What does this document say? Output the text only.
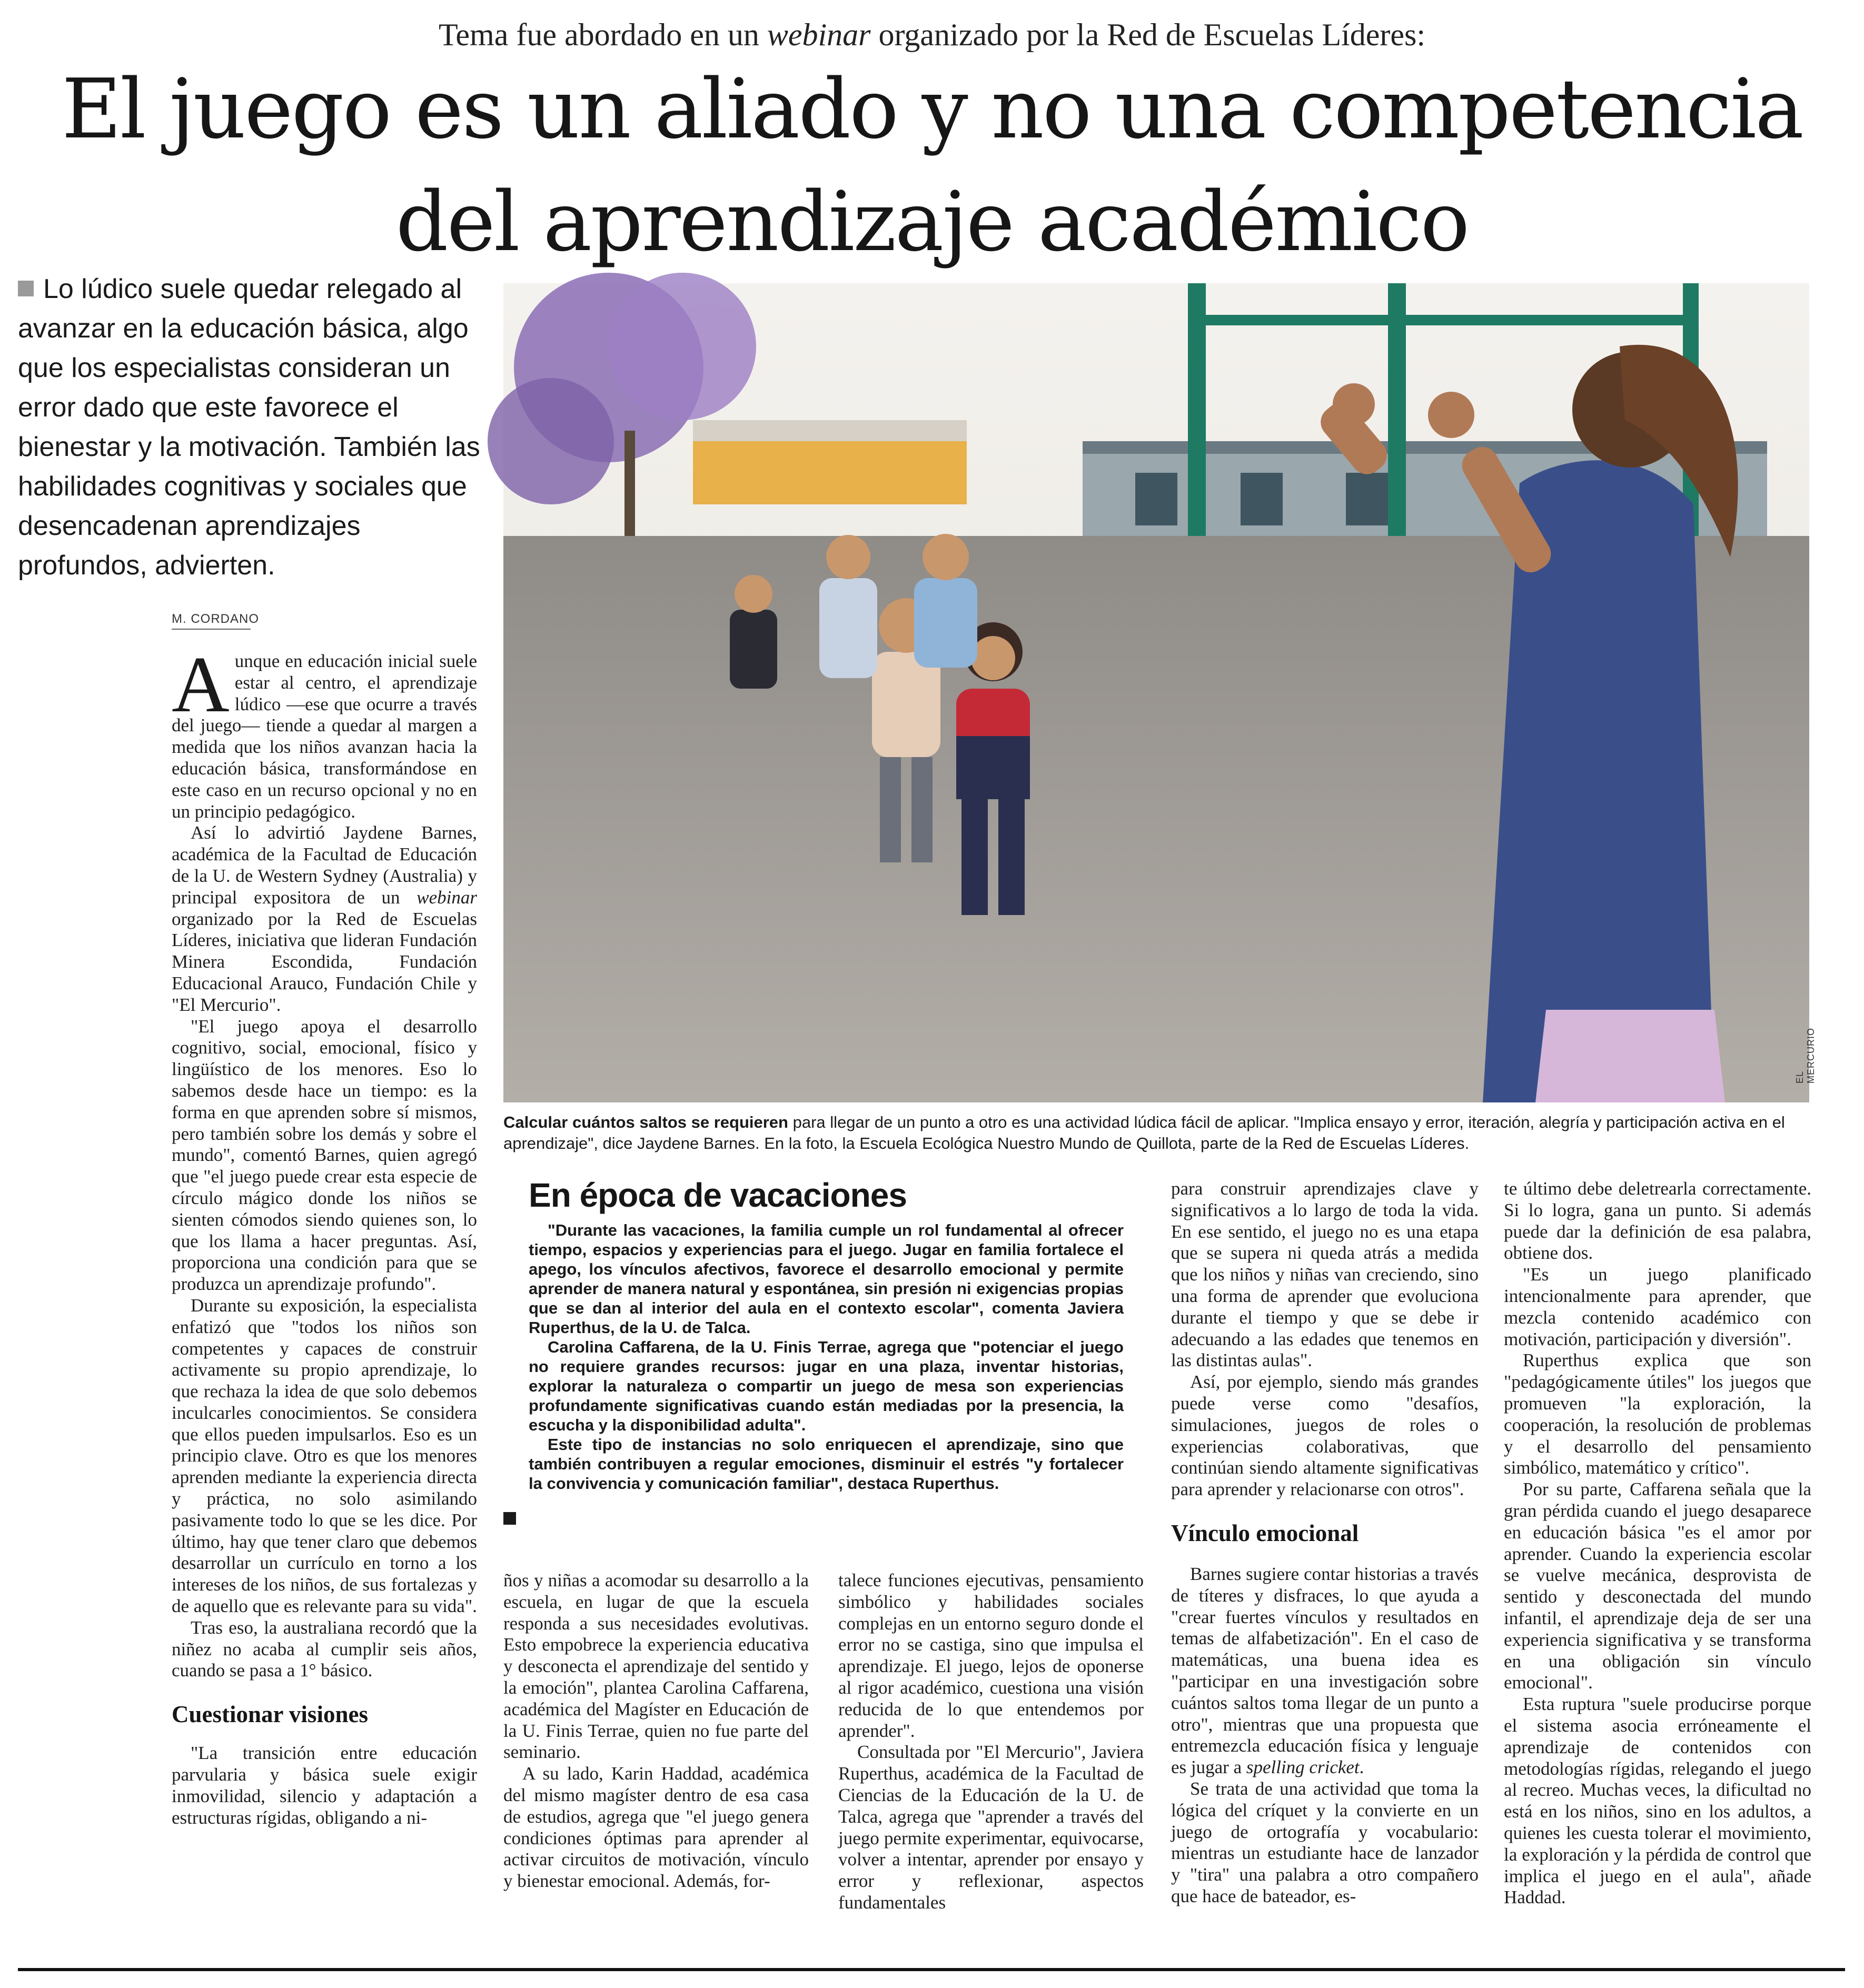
Tema fue abordado en un webinar organizado por la Red de Escuelas Líderes:
El juego es un aliado y no una competencia
del aprendizaje académico
Lo lúdico suele quedar relegado al avanzar en la educación básica, algo que los especialistas consideran un error dado que este favorece el bienestar y la motivación. También las habilidades cognitivas y sociales que desencadenan aprendizajes profundos, advierten.
M. CORDANO
EL MERCURIO
Calcular cuántos saltos se requieren para llegar de un punto a otro es una actividad lúdica fácil de aplicar. "Implica ensayo y error, iteración, alegría y participación activa en el aprendizaje", dice Jaydene Barnes. En la foto, la Escuela Ecológica Nuestro Mundo de Quillota, parte de la Red de Escuelas Líderes.

Aunque en educación inicial suele estar al centro, el aprendizaje lúdico —ese que ocurre a través del juego— tiende a quedar al margen a medida que los niños avanzan hacia la educación básica, transformándose en este caso en un recurso opcional y no en un principio pedagógico.

Así lo advirtió Jaydene Barnes, académica de la Facultad de Educación de la U. de Western Sydney (Australia) y principal expositora de un webinar organizado por la Red de Escuelas Líderes, iniciativa que lideran Fundación Minera Escondida, Fundación Educacional Arauco, Fundación Chile y "El Mercurio".

"El juego apoya el desarrollo cognitivo, social, emocional, físico y lingüístico de los menores. Eso lo sabemos desde hace un tiempo: es la forma en que aprenden sobre sí mismos, pero también sobre los demás y sobre el mundo", comentó Barnes, quien agregó que "el juego puede crear esta especie de círculo mágico donde los niños se sienten cómodos siendo quienes son, lo que los llama a hacer preguntas. Así, proporciona una condición para que se produzca un aprendizaje profundo".

Durante su exposición, la especialista enfatizó que "todos los niños son competentes y capaces de construir activamente su propio aprendizaje, lo que rechaza la idea de que solo debemos inculcarles conocimientos. Se considera que ellos pueden impulsarlos. Eso es un principio clave. Otro es que los menores aprenden mediante la experiencia directa y práctica, no solo asimilando pasivamente todo lo que se les dice. Por último, hay que tener claro que debemos desarrollar un currículo en torno a los intereses de los niños, de sus fortalezas y de aquello que es relevante para su vida".

Tras eso, la australiana recordó que la niñez no acaba al cumplir seis años, cuando se pasa a 1° básico.

Cuestionar visiones

"La transición entre educación parvularia y básica suele exigir inmovilidad, silencio y adaptación a estructuras rígidas, obligando a ni-

En época de vacaciones

"Durante las vacaciones, la familia cumple un rol fundamental al ofrecer tiempo, espacios y experiencias para el juego. Jugar en familia fortalece el apego, los vínculos afectivos, favorece el desarrollo emocional y permite aprender de manera natural y espontánea, sin presión ni exigencias propias que se dan al interior del aula en el contexto escolar", comenta Javiera Ruperthus, de la U. de Talca.

Carolina Caffarena, de la U. Finis Terrae, agrega que "potenciar el juego no requiere grandes recursos: jugar en una plaza, inventar historias, explorar la naturaleza o compartir un juego de mesa son experiencias profundamente significativas cuando están mediadas por la presencia, la escucha y la disponibilidad adulta".

Este tipo de instancias no solo enriquecen el aprendizaje, sino que también contribuyen a regular emociones, disminuir el estrés "y fortalecer la convivencia y comunicación familiar", destaca Ruperthus.

ños y niñas a acomodar su desarrollo a la escuela, en lugar de que la escuela responda a sus necesidades evolutivas. Esto empobrece la experiencia educativa y desconecta el aprendizaje del sentido y la emoción", plantea Carolina Caffarena, académica del Magíster en Educación de la U. Finis Terrae, quien no fue parte del seminario.

A su lado, Karin Haddad, académica del mismo magíster dentro de esa casa de estudios, agrega que "el juego genera condiciones óptimas para aprender al activar circuitos de motivación, vínculo y bienestar emocional. Además, for-

talece funciones ejecutivas, pensamiento simbólico y habilidades sociales complejas en un entorno seguro donde el error no se castiga, sino que impulsa el aprendizaje. El juego, lejos de oponerse al rigor académico, cuestiona una visión reducida de lo que entendemos por aprender".

Consultada por "El Mercurio", Javiera Ruperthus, académica de la Facultad de Ciencias de la Educación de la U. de Talca, agrega que "aprender a través del juego permite experimentar, equivocarse, volver a intentar, aprender por ensayo y error y reflexionar, aspectos fundamentales

para construir aprendizajes clave y significativos a lo largo de toda la vida. En ese sentido, el juego no es una etapa que se supera ni queda atrás a medida que los niños y niñas van creciendo, sino una forma de aprender que evoluciona durante el tiempo y que se debe ir adecuando a las edades que tenemos en las distintas aulas".

Así, por ejemplo, siendo más grandes puede verse como "desafíos, simulaciones, juegos de roles o experiencias colaborativas, que continúan siendo altamente significativas para aprender y relacionarse con otros".

Vínculo emocional

Barnes sugiere contar historias a través de títeres y disfraces, lo que ayuda a "crear fuertes vínculos y resultados en temas de alfabetización". En el caso de matemáticas, una buena idea es "participar en una investigación sobre cuántos saltos toma llegar de un punto a otro", mientras que una propuesta que entremezcla educación física y lenguaje es jugar a spelling cricket.

Se trata de una actividad que toma la lógica del críquet y la convierte en un juego de ortografía y vocabulario: mientras un estudiante hace de lanzador y "tira" una palabra a otro compañero que hace de bateador, es-

te último debe deletrearla correctamente. Si lo logra, gana un punto. Si además puede dar la definición de esa palabra, obtiene dos.

"Es un juego planificado intencionalmente para aprender, que mezcla contenido académico con motivación, participación y diversión".

Ruperthus explica que son "pedagógicamente útiles" los juegos que promueven "la exploración, la cooperación, la resolución de problemas y el desarrollo del pensamiento simbólico, matemático y crítico".

Por su parte, Caffarena señala que la gran pérdida cuando el juego desaparece en educación básica "es el amor por aprender. Cuando la experiencia escolar se vuelve mecánica, desprovista de sentido y desconectada del mundo infantil, el aprendizaje deja de ser una experiencia significativa y se transforma en una obligación sin vínculo emocional".

Esta ruptura "suele producirse porque el sistema asocia erróneamente el aprendizaje de contenidos con metodologías rígidas, relegando el juego al recreo. Muchas veces, la dificultad no está en los niños, sino en los adultos, a quienes les cuesta tolerar el movimiento, la exploración y la pérdida de control que implica el juego en el aula", añade Haddad.
